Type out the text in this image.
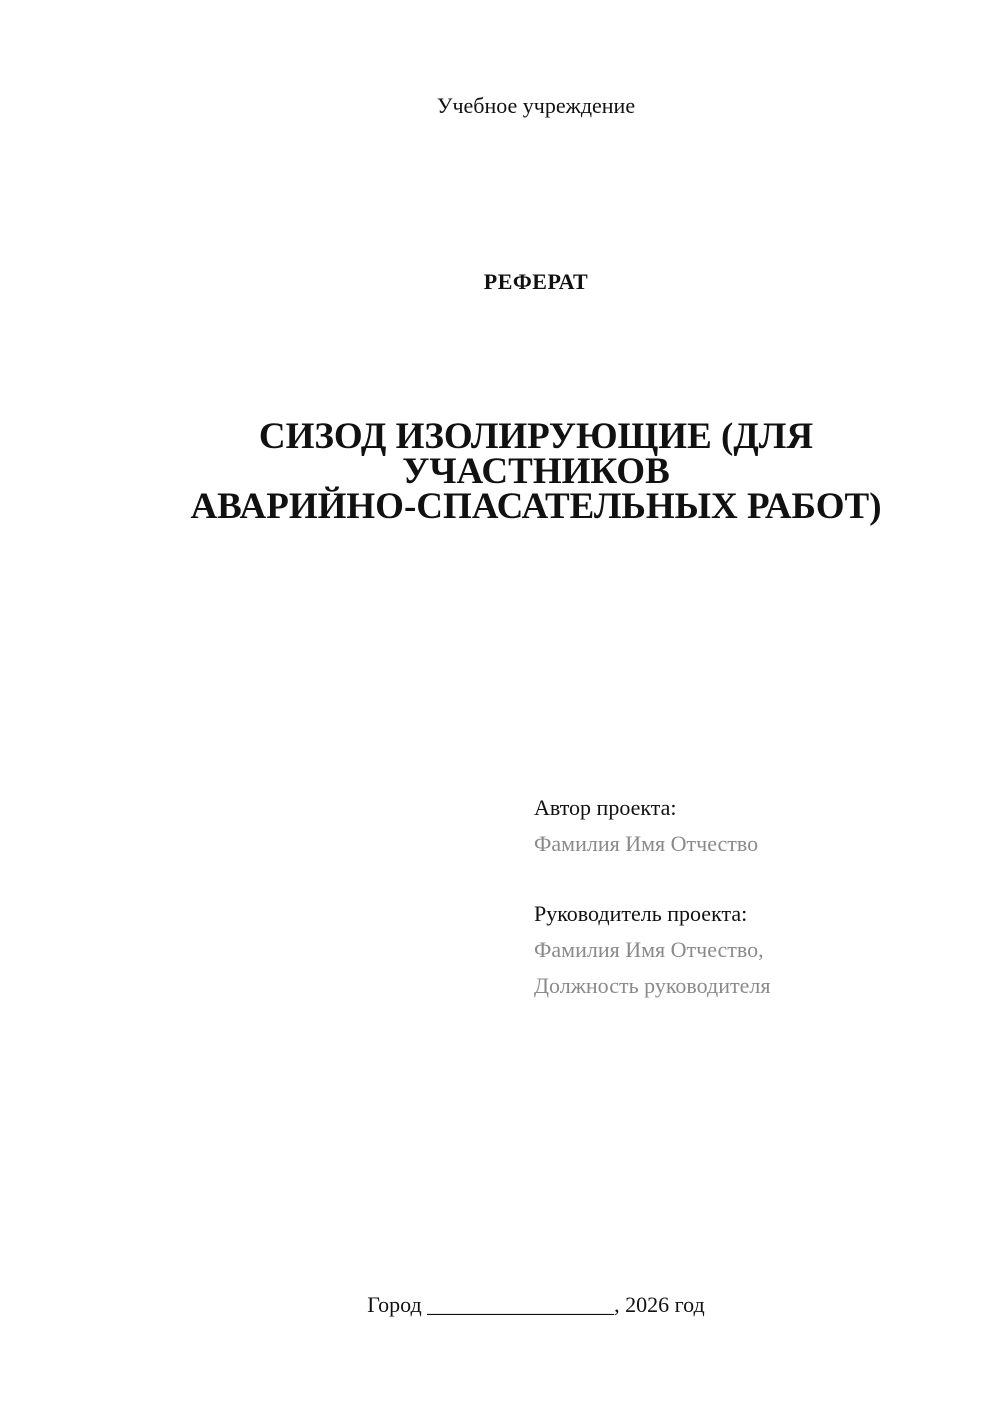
Учебное учреждение
РЕФЕРАТ
СИЗОД ИЗОЛИРУЮЩИЕ (ДЛЯ
УЧАСТНИКОВ
АВАРИЙНО-СПАСАТЕЛЬНЫХ РАБОТ)
Автор проекта:
Фамилия Имя Отчество
Руководитель проекта:
Фамилия Имя Отчество,
Должность руководителя
Город _________________, 2026 год
